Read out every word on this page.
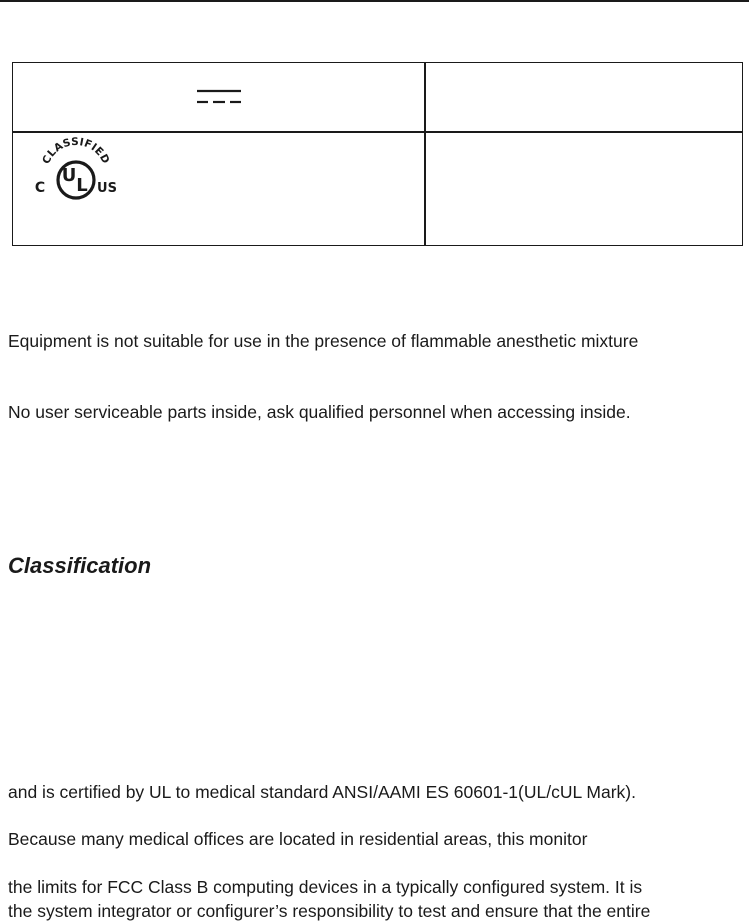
CLASSIFIED
U L
C	US

Equipment is not suitable for use in the presence of flammable anesthetic mixture

No user serviceable parts inside, ask qualified personnel when accessing inside.

Classification

and is certified by UL to medical standard ANSI/AAMI ES 60601-1(UL/cUL Mark).

Because many medical offices are located in residential areas, this monitor

the limits for FCC Class B computing devices in a typically configured system. It is

the system integrator or configurer’s responsibility to test and ensure that the entire
